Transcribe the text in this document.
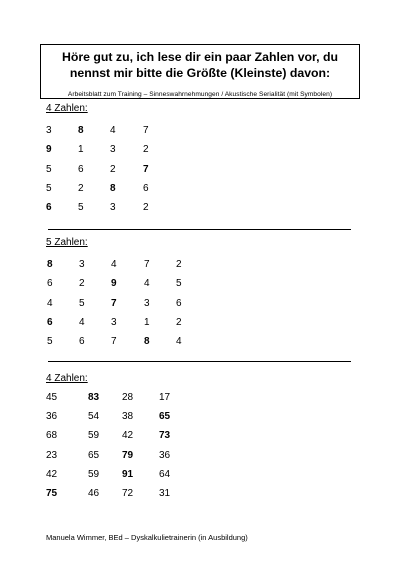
Höre gut zu, ich lese dir ein paar Zahlen vor, du
nennst mir bitte die Größte (Kleinste) davon:
Arbeitsblatt zum Training – Sinneswahrnehmungen / Akustische Serialität (mit Symbolen)
4 Zahlen:
3	8	4	7
9	1	3	2
5	6	2	7
5	2	8	6
6	5	3	2
5 Zahlen:
8	3	4	7	2
6	2	9	4	5
4	5	7	3	6
6	4	3	1	2
5	6	7	8	4
4 Zahlen:
45	83 28	17
36	54 38	65
68	59 42	73
23	65 79	36
42	59 91	64
75	46 72	31
Manuela Wimmer, BEd – Dyskalkulietrainerin (in Ausbildung)
